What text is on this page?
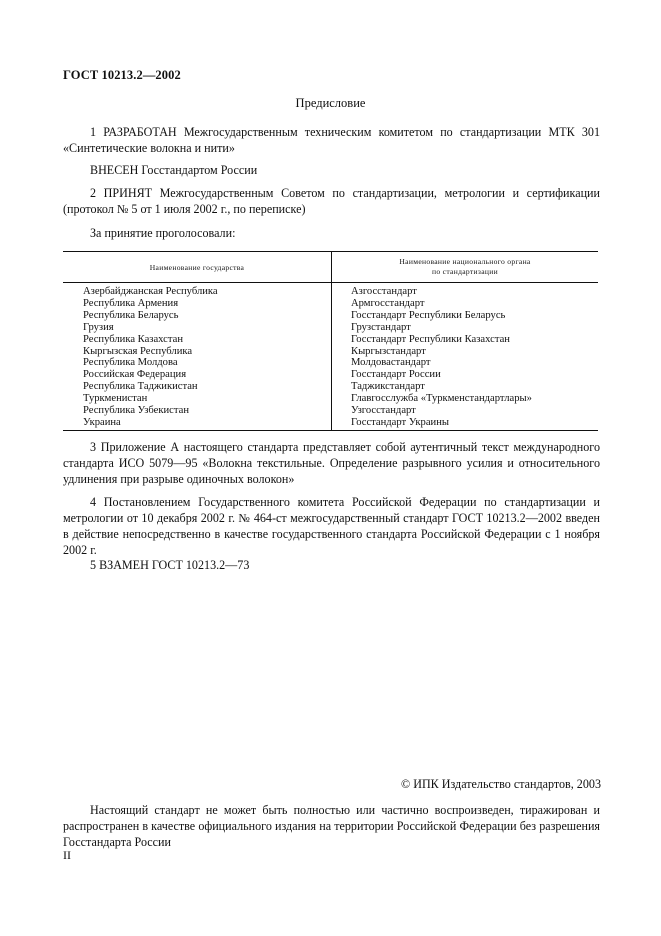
ГОСТ 10213.2—2002
Предисловие
1 РАЗРАБОТАН Межгосударственным техническим комитетом по стандартизации МТК 301 «Синтетические волокна и нити»
ВНЕСЕН Госстандартом России
2 ПРИНЯТ Межгосударственным Советом по стандартизации, метрологии и сертификации (протокол № 5 от 1 июля 2002 г., по переписке)
За принятие проголосовали:
Наименование государства
Наименование национального органа
по стандартизации
Азербайджанская Республика
Республика Армения
Республика Беларусь
Грузия
Республика Казахстан
Кыргызская Республика
Республика Молдова
Российская Федерация
Республика Таджикистан
Туркменистан
Республика Узбекистан
Украина
Азгосстандарт
Армгосстандарт
Госстандарт Республики Беларусь
Грузстандарт
Госстандарт Республики Казахстан
Кыргызстандарт
Молдовастандарт
Госстандарт России
Таджикстандарт
Главгосслужба «Туркменстандартлары»
Узгосстандарт
Госстандарт Украины
3 Приложение А настоящего стандарта представляет собой аутентичный текст международного стандарта ИСО 5079—95 «Волокна текстильные. Определение разрывного усилия и относительного удлинения при разрыве одиночных волокон»
4 Постановлением Государственного комитета Российской Федерации по стандартизации и метрологии от 10 декабря 2002 г. № 464-ст межгосударственный стандарт ГОСТ 10213.2—2002 введен в действие непосредственно в качестве государственного стандарта Российской Федерации с 1 ноября 2002 г.
5 ВЗАМЕН ГОСТ 10213.2—73
© ИПК Издательство стандартов, 2003
Настоящий стандарт не может быть полностью или частично воспроизведен, тиражирован и распространен в качестве официального издания на территории Российской Федерации без разрешения Госстандарта России
II
